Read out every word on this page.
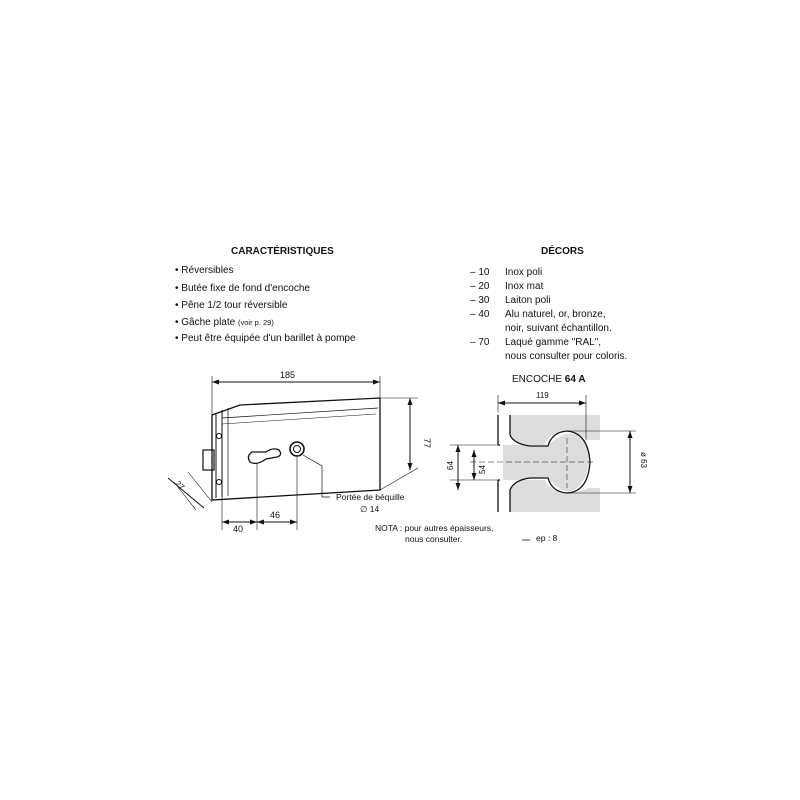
CARACTÉRISTIQUES
• Réversibles
• Butée fixe de fond d'encoche
• Pêne 1/2 tour réversible
• Gâche plate (voir p. 29)
• Peut être équipée d'un barillet à pompe
DÉCORS
– 10 Inox poli
– 20 Inox mat
– 30 Laiton poli
– 40 Alu naturel, or, bronze,
noir, suivant échantillon.
– 70 Laqué gamme "RAL",
nous consulter pour coloris.
ENCOCHE 64 A
185
77
27
40
46
Portée de béquille
∅ 14
NOTA : pour autres épaisseurs,
nous consulter.
119
64	54
ø 63
ep : 8
